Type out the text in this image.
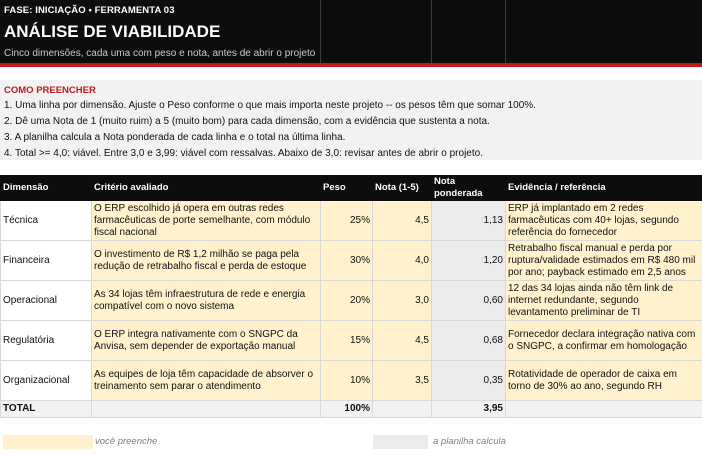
FASE: INICIAÇÃO • FERRAMENTA 03
ANÁLISE DE VIABILIDADE
Cinco dimensões, cada uma com peso e nota, antes de abrir o projeto
COMO PREENCHER
1. Uma linha por dimensão. Ajuste o Peso conforme o que mais importa neste projeto -- os pesos têm que somar 100%.
2. Dê uma Nota de 1 (muito ruim) a 5 (muito bom) para cada dimensão, com a evidência que sustenta a nota.
3. A planilha calcula a Nota ponderada de cada linha e o total na última linha.
4. Total >= 4,0: viável. Entre 3,0 e 3,99: viável com ressalvas. Abaixo de 3,0: revisar antes de abrir o projeto.
Dimensão	Critério avaliado	Peso	Nota (1-5)	Nota ponderada	Evidência / referência
Técnica	O ERP escolhido já opera em outras redes farmacêuticas de porte semelhante, com módulo fiscal nacional	25%	4,5	1,13	ERP já implantado em 2 redes farmacêuticas com 40+ lojas, segundo referência do fornecedor
Financeira	O investimento de R$ 1,2 milhão se paga pela redução de retrabalho fiscal e perda de estoque	30%	4,0	1,20	Retrabalho fiscal manual e perda por ruptura/validade estimados em R$ 480 mil por ano; payback estimado em 2,5 anos
Operacional	As 34 lojas têm infraestrutura de rede e energia compatível com o novo sistema	20%	3,0	0,60	12 das 34 lojas ainda não têm link de internet redundante, segundo levantamento preliminar de TI
Regulatória	O ERP integra nativamente com o SNGPC da Anvisa, sem depender de exportação manual	15%	4,5	0,68	Fornecedor declara integração nativa com o SNGPC, a confirmar em homologação
Organizacional	As equipes de loja têm capacidade de absorver o treinamento sem parar o atendimento	10%	3,5	0,35	Rotatividade de operador de caixa em torno de 30% ao ano, segundo RH
TOTAL		100%		3,95	
você preenche	a planilha calcula
